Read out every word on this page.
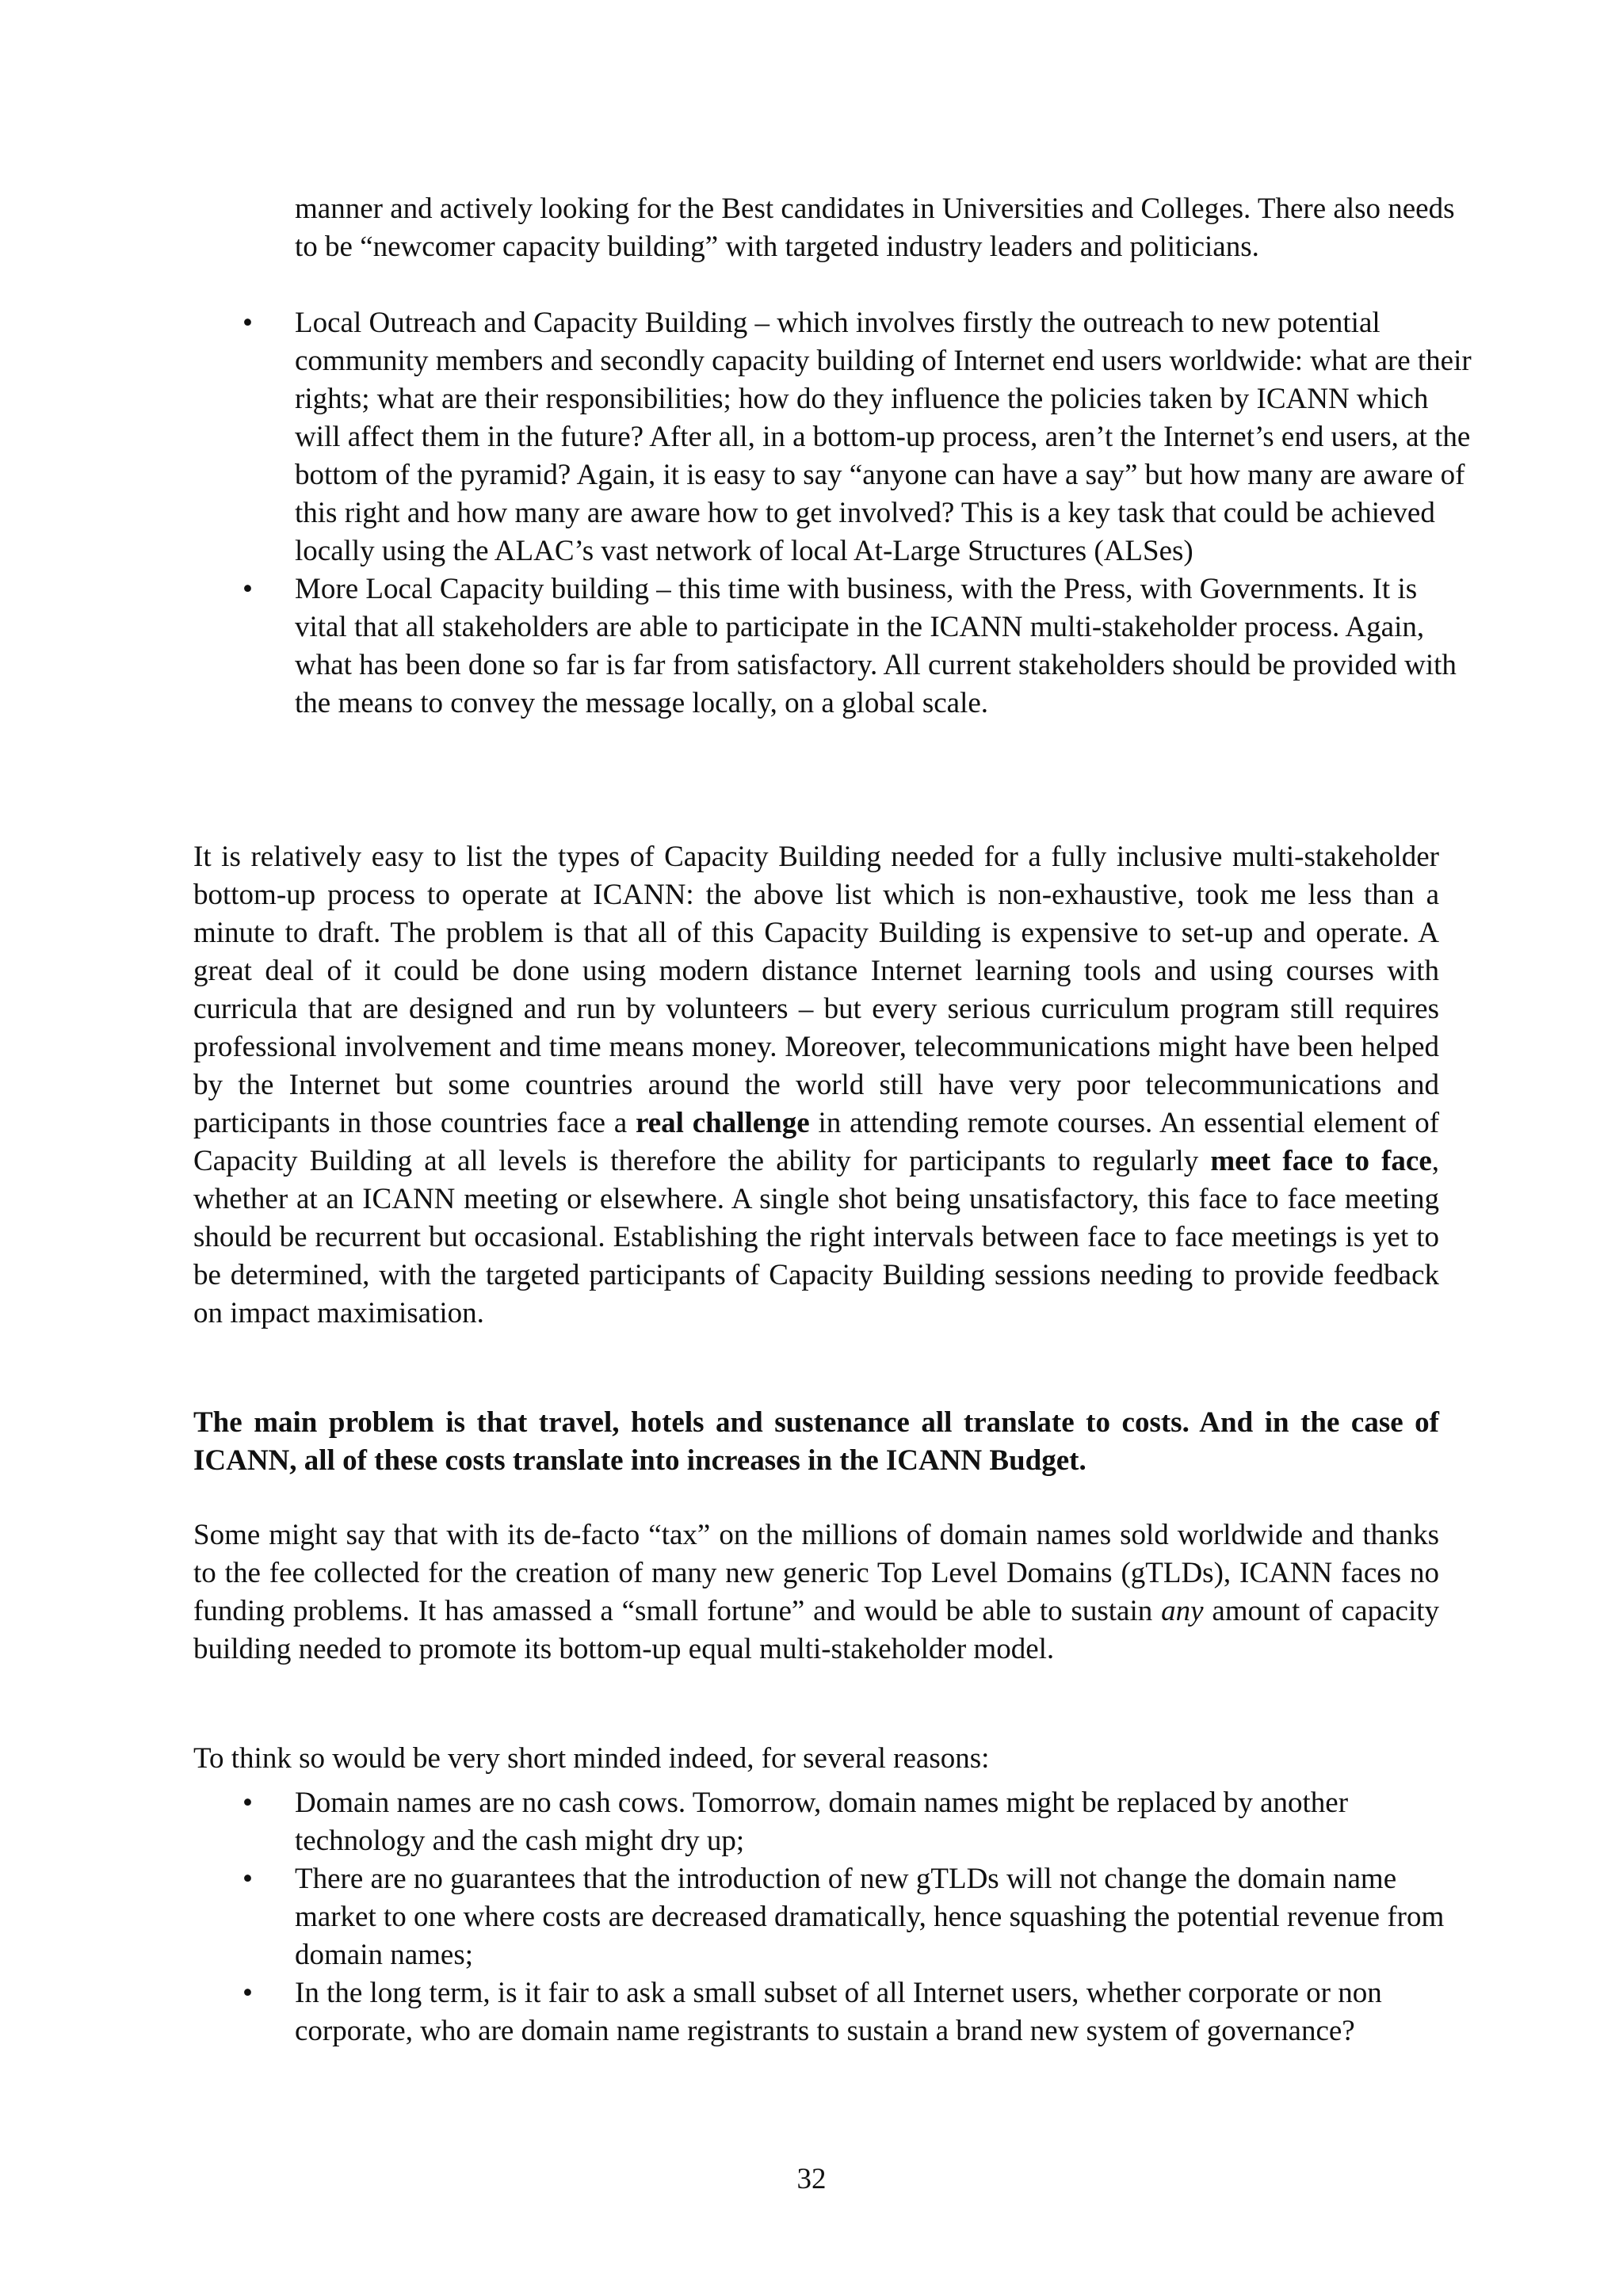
manner and actively looking for the Best candidates in Universities and Colleges. There also needs to be “newcomer capacity building” with targeted industry leaders and politicians.

•	Local Outreach and Capacity Building – which involves firstly the outreach to new potential community members and secondly capacity building of Internet end users worldwide: what are their rights; what are their responsibilities; how do they influence the policies taken by ICANN which will affect them in the future? After all, in a bottom-up process, aren’t the Internet’s end users, at the bottom of the pyramid? Again, it is easy to say “anyone can have a say” but how many are aware of this right and how many are aware how to get involved? This is a key task that could be achieved locally using the ALAC’s vast network of local At-Large Structures (ALSes)
•	More Local Capacity building – this time with business, with the Press, with Governments. It is vital that all stakeholders are able to participate in the ICANN multi-stakeholder process. Again, what has been done so far is far from satisfactory. All current stakeholders should be provided with the means to convey the message locally, on a global scale.

It is relatively easy to list the types of Capacity Building needed for a fully inclusive multi-stakeholder bottom-up process to operate at ICANN: the above list which is non-exhaustive, took me less than a minute to draft. The problem is that all of this Capacity Building is expensive to set-up and operate. A great deal of it could be done using modern distance Internet learning tools and using courses with curricula that are designed and run by volunteers – but every serious curriculum program still requires professional involvement and time means money. Moreover, telecommunications might have been helped by the Internet but some countries around the world still have very poor telecommunications and participants in those countries face a real challenge in attending remote courses. An essential element of Capacity Building at all levels is therefore the ability for participants to regularly meet face to face, whether at an ICANN meeting or elsewhere. A single shot being unsatisfactory, this face to face meeting should be recurrent but occasional. Establishing the right intervals between face to face meetings is yet to be determined, with the targeted participants of Capacity Building sessions needing to provide feedback on impact maximisation.

The main problem is that travel, hotels and sustenance all translate to costs. And in the case of ICANN, all of these costs translate into increases in the ICANN Budget.

Some might say that with its de-facto “tax” on the millions of domain names sold worldwide and thanks to the fee collected for the creation of many new generic Top Level Domains (gTLDs), ICANN faces no funding problems. It has amassed a “small fortune” and would be able to sustain any amount of capacity building needed to promote its bottom-up equal multi-stakeholder model.

To think so would be very short minded indeed, for several reasons:

•	Domain names are no cash cows. Tomorrow, domain names might be replaced by another technology and the cash might dry up;
•	There are no guarantees that the introduction of new gTLDs will not change the domain name market to one where costs are decreased dramatically, hence squashing the potential revenue from domain names;
•	In the long term, is it fair to ask a small subset of all Internet users, whether corporate or non corporate, who are domain name registrants to sustain a brand new system of governance?

32
